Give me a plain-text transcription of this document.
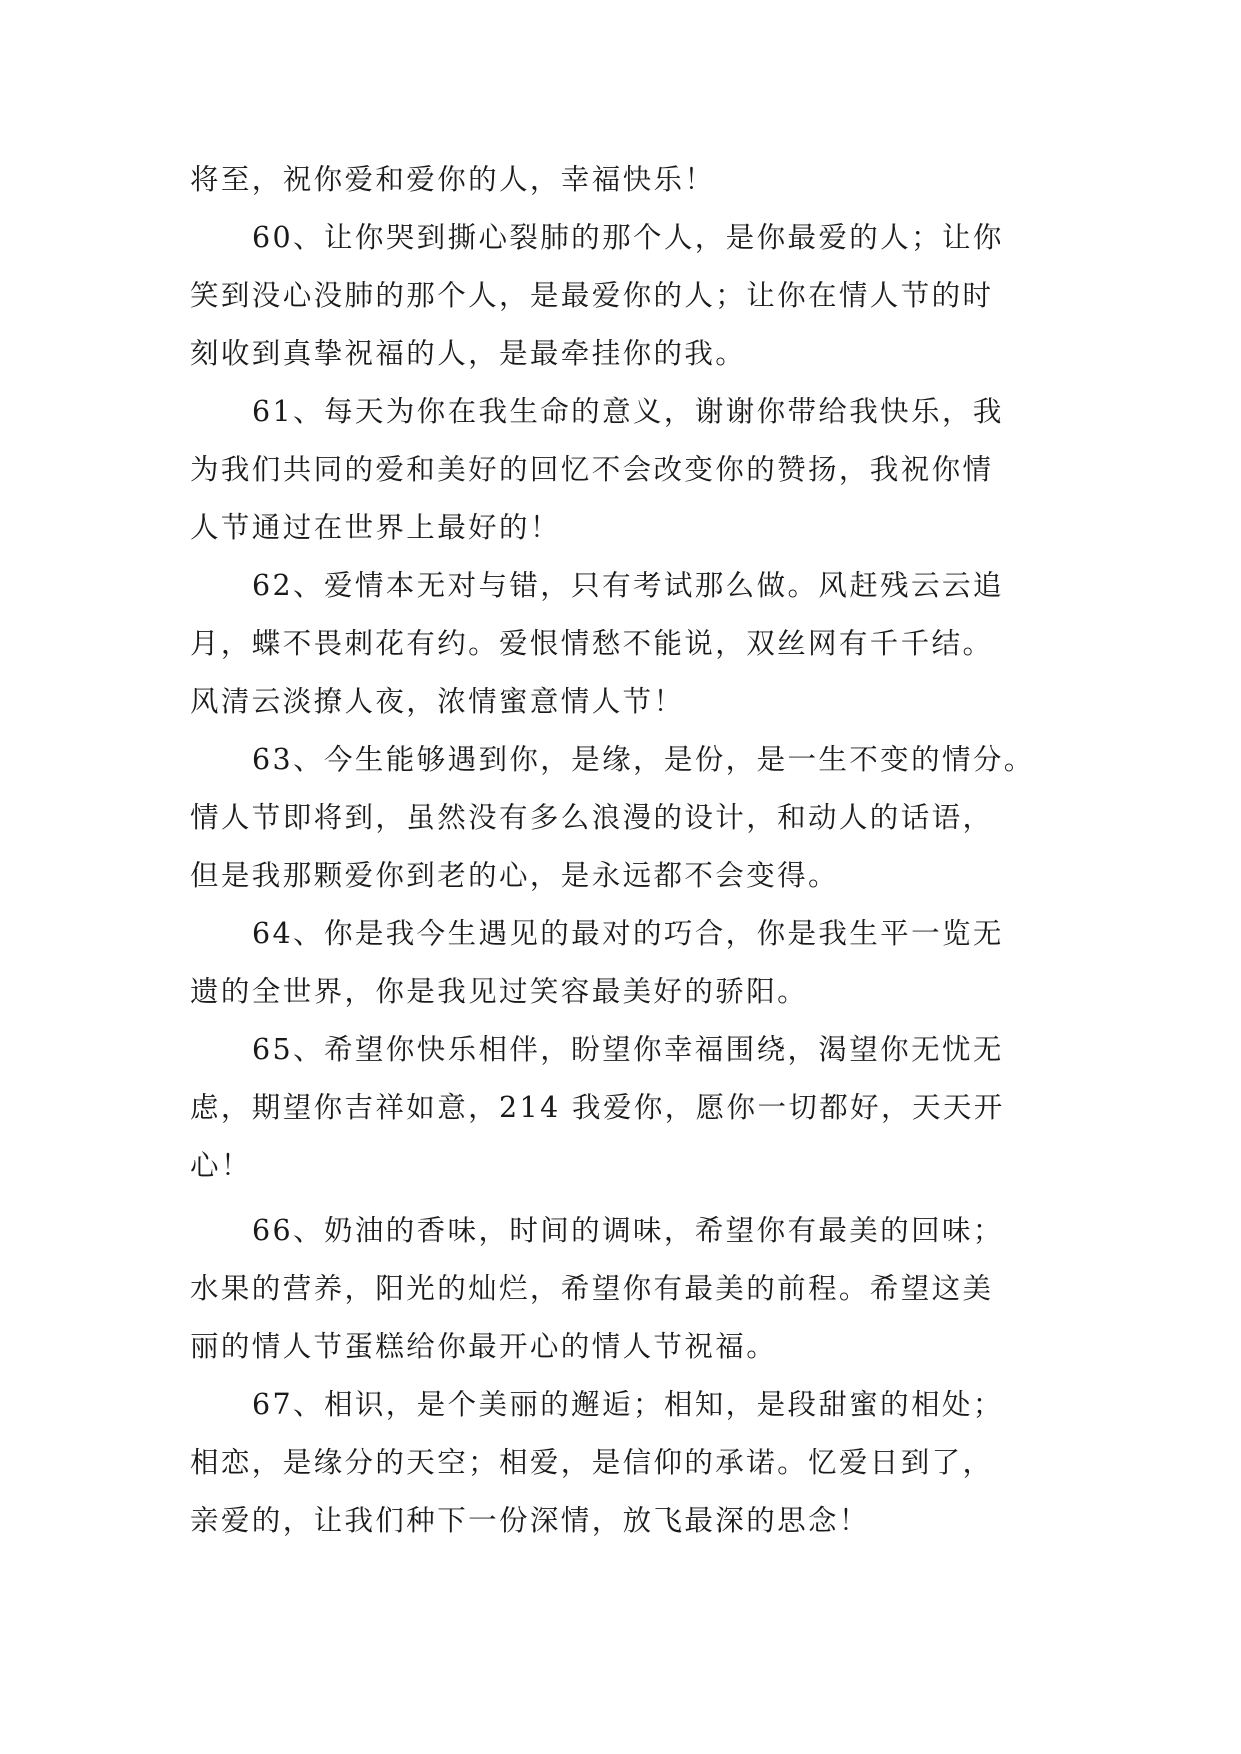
将至，祝你爱和爱你的人，幸福快乐！
60、让你哭到撕心裂肺的那个人，是你最爱的人；让你
笑到没心没肺的那个人，是最爱你的人；让你在情人节的时
刻收到真挚祝福的人，是最牵挂你的我。
61、每天为你在我生命的意义，谢谢你带给我快乐，我
为我们共同的爱和美好的回忆不会改变你的赞扬，我祝你情
人节通过在世界上最好的！
62、爱情本无对与错，只有考试那么做。风赶残云云追
月，蝶不畏刺花有约。爱恨情愁不能说，双丝网有千千结。
风清云淡撩人夜，浓情蜜意情人节！
63、今生能够遇到你，是缘，是份，是一生不变的情分。
情人节即将到，虽然没有多么浪漫的设计，和动人的话语，
但是我那颗爱你到老的心，是永远都不会变得。
64、你是我今生遇见的最对的巧合，你是我生平一览无
遗的全世界，你是我见过笑容最美好的骄阳。
65、希望你快乐相伴，盼望你幸福围绕，渴望你无忧无
虑，期望你吉祥如意，214 我爱你，愿你一切都好，天天开
心！
66、奶油的香味，时间的调味，希望你有最美的回味；
水果的营养，阳光的灿烂，希望你有最美的前程。希望这美
丽的情人节蛋糕给你最开心的情人节祝福。
67、相识，是个美丽的邂逅；相知，是段甜蜜的相处；
相恋，是缘分的天空；相爱，是信仰的承诺。忆爱日到了，
亲爱的，让我们种下一份深情，放飞最深的思念！
